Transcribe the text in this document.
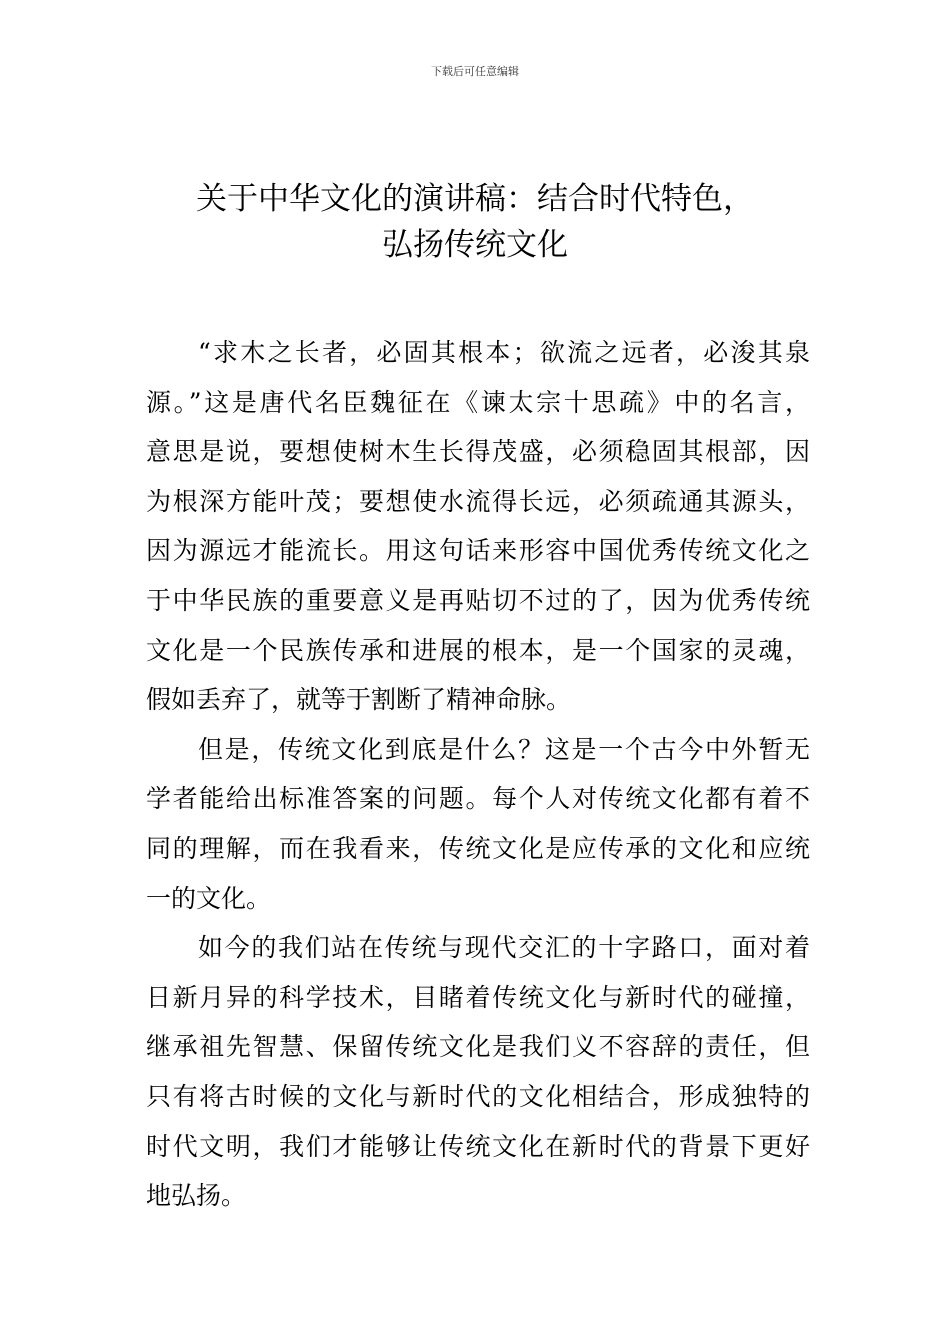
下载后可任意编辑
关于中华文化的演讲稿：结合时代特色，
弘扬传统文化

“求木之长者，必固其根本；欲流之远者，必浚其泉
源。”这是唐代名臣魏征在《谏太宗十思疏》中的名言，
意思是说，要想使树木生长得茂盛，必须稳固其根部，因
为根深方能叶茂；要想使水流得长远，必须疏通其源头，
因为源远才能流长。用这句话来形容中国优秀传统文化之
于中华民族的重要意义是再贴切不过的了，因为优秀传统
文化是一个民族传承和进展的根本，是一个国家的灵魂，
假如丢弃了，就等于割断了精神命脉。

但是，传统文化到底是什么？这是一个古今中外暂无
学者能给出标准答案的问题。每个人对传统文化都有着不
同的理解，而在我看来，传统文化是应传承的文化和应统
一的文化。

如今的我们站在传统与现代交汇的十字路口，面对着
日新月异的科学技术，目睹着传统文化与新时代的碰撞，
继承祖先智慧、保留传统文化是我们义不容辞的责任，但
只有将古时候的文化与新时代的文化相结合，形成独特的
时代文明，我们才能够让传统文化在新时代的背景下更好
地弘扬。
